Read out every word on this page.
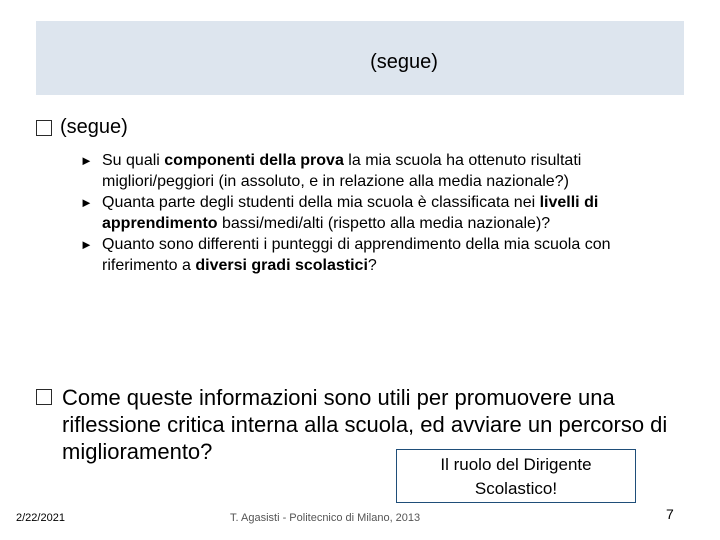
(segue)
(segue)
► Su quali componenti della prova la mia scuola ha ottenuto risultati migliori/peggiori (in assoluto, e in relazione alla media nazionale?)
► Quanta parte degli studenti della mia scuola è classificata nei livelli di apprendimento bassi/medi/alti (rispetto alla media nazionale)?
► Quanto sono differenti i punteggi di apprendimento della mia scuola con riferimento a diversi gradi scolastici?
Come queste informazioni sono utili per promuovere una riflessione critica interna alla scuola, ed avviare un percorso di miglioramento?
Il ruolo del Dirigente
Scolastico!
2/22/2021	T. Agasisti - Politecnico di Milano, 2013	7
